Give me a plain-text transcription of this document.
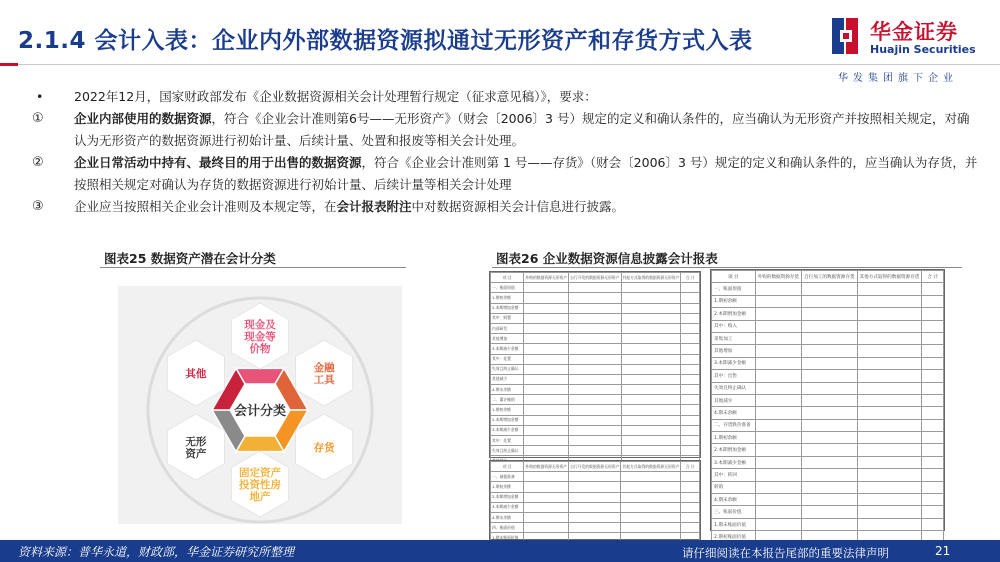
2.1.4 会计入表：企业内外部数据资源拟通过无形资产和存货方式入表	华金证券
Huajin Securities
华发集团旗下企业
• 2022年12月，国家财政部发布《企业数据资源相关会计处理暂行规定（征求意见稿）》，要求：
①	企业内部使用的数据资源，符合《企业会计准则第6号——无形资产》（财会〔2006〕3 号）规定的定义和确认条件的，应当确认为无形资产并按照相关规定，对确认为无形资产的数据资源进行初始计量、后续计量、处置和报废等相关会计处理。
②	企业日常活动中持有、最终目的用于出售的数据资源，符合《企业会计准则第 1 号——存货》（财会〔2006〕3 号）规定的定义和确认条件的，应当确认为存货，并按照相关规定对确认为存货的数据资源进行初始计量、后续计量等相关会计处理
③	企业应当按照相关企业会计准则及本规定等，在会计报表附注中对数据资源相关会计信息进行披露。
图表25 数据资产潜在会计分类
现金及现金等价物
金融工具
存货
固定资产投资性房地产
无形资产
其他
会计分类
图表26 企业数据资源信息披露会计报表
项 目	外购的数据资源无形资产	自行开发的数据资源无形资产	其他方式取得的数据资源无形资产	合 计
一、账面原值				
1.期初余额				
2.本期增加金额				
其中：购置				
内部研发				
其他增加				
3.本期减少金额				
其中：处置				
失效且终止确认				
其他减少				
4.期末余额				
二、累计摊销				
1.期初余额				
2.本期增加金额				
3.本期减少金额				
其中：处置				
失效且终止确认				

项 目	外购的数据资源无形资产	自行开发的数据资源无形资产	其他方式取得的数据资源无形资产	合 计
一、减值准备				
1.期初余额				
2.本期增加金额				
3.本期减少金额				
4.期末余额				
四、账面价值				
1.期末账面价值				

项 目	外购的数据资源存货	自行加工的数据资源存货	其他方式取得的数据资源存货	合 计
一、账面原值				
1.期初余额				
2.本期增加金额				
其中：购入				
采集加工				
其他增加				
3.本期减少金额				
其中：出售				
失效且终止确认				
其他减少				
4.期末余额				
二、存货跌价准备				
1.期初余额				
2.本期增加金额				
3.本期减少金额				
其中：转回				
转销				
4.期末余额				
三、账面价值				
1.期末账面价值				
2.期初账面价值				
资料来源：普华永道，财政部，华金证券研究所整理	请仔细阅读在本报告尾部的重要法律声明	21
